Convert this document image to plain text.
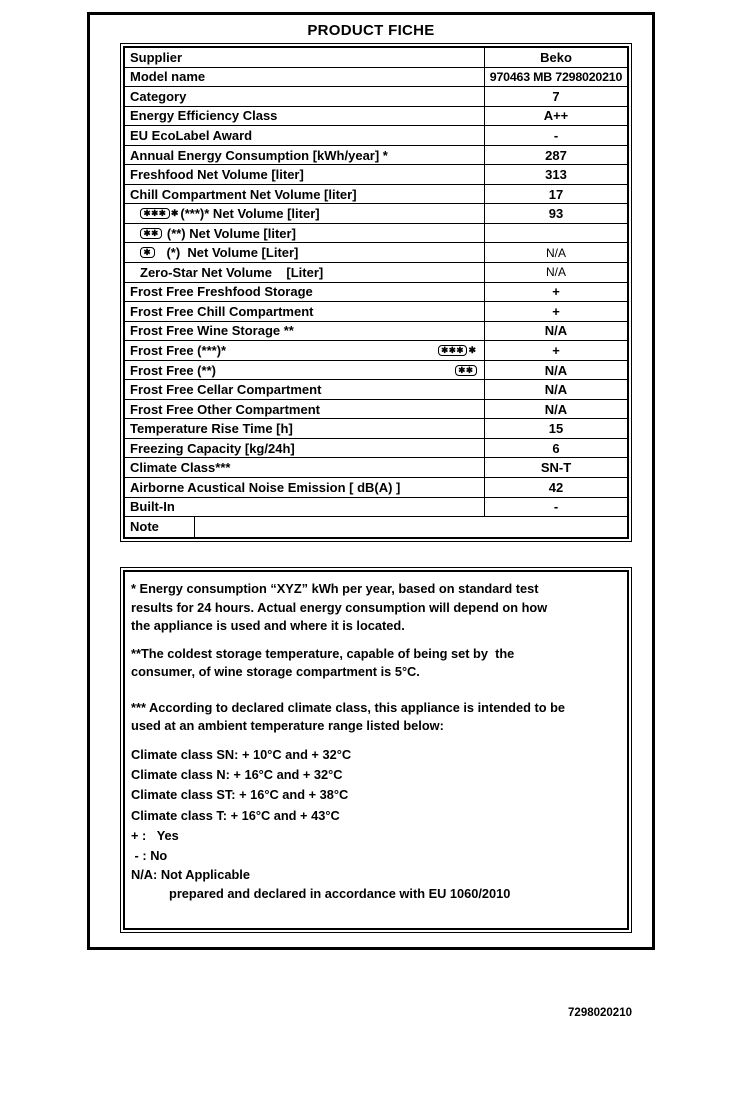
PRODUCT FICHE
Supplier	Beko
Model name	970463 MB 7298020210
Category	7
Energy Efficiency Class	A++
EU EcoLabel Award	-
Annual Energy Consumption [kWh/year] *	287
Freshfood Net Volume [liter]	313
Chill Compartment Net Volume [liter]	17
✱✱✱ ✱ (***)* Net Volume [liter]	93
✱✱ (**) Net Volume [liter]
✱ (*)  Net Volume [Liter]	N/A
Zero-Star Net Volume    [Liter]	N/A
Frost Free Freshfood Storage	+
Frost Free Chill Compartment	+
Frost Free Wine Storage **	N/A
Frost Free (***)*	✱✱✱ ✱	+
Frost Free (**)	✱✱	N/A
Frost Free Cellar Compartment	N/A
Frost Free Other Compartment	N/A
Temperature Rise Time [h]	15
Freezing Capacity [kg/24h]	6
Climate Class***	SN-T
Airborne Acustical Noise Emission [ dB(A) ]	42
Built-In	-
Note
* Energy consumption “XYZ” kWh per year, based on standard test
results for 24 hours. Actual energy consumption will depend on how
the appliance is used and where it is located.
**The coldest storage temperature, capable of being set by  the
consumer, of wine storage compartment is 5°C.
*** According to declared climate class, this appliance is intended to be
used at an ambient temperature range listed below:
Climate class SN: + 10°C and + 32°C
Climate class N: + 16°C and + 32°C
Climate class ST: + 16°C and + 38°C
Climate class T: + 16°C and + 43°C
+ :   Yes
- : No
N/A: Not Applicable
prepared and declared in accordance with EU 1060/2010
7298020210
